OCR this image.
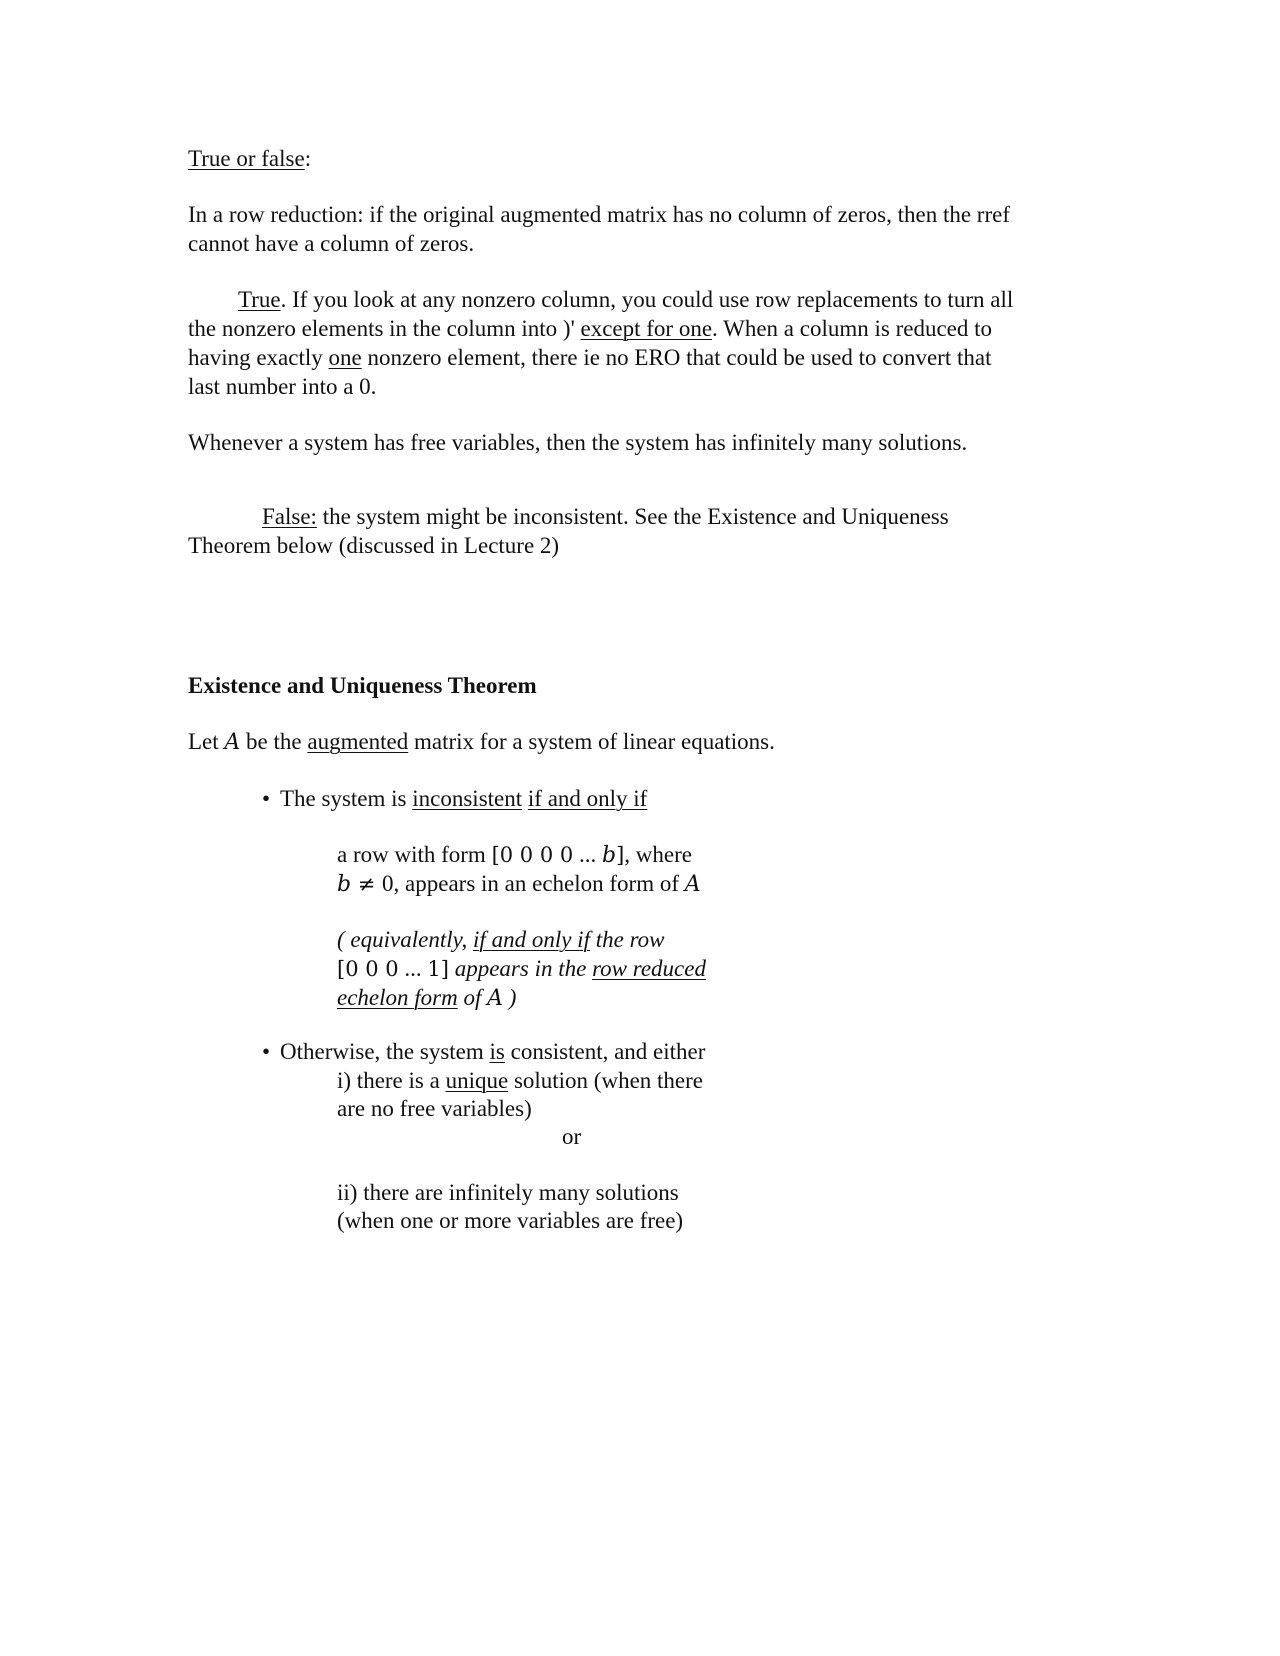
True or false:
In a row reduction: if the original augmented matrix has no column of zeros, then the rref
cannot have a column of zeros.
True. If you look at any nonzero column, you could use row replacements to turn all
the nonzero elements in the column into )' except for one. When a column is reduced to
having exactly one nonzero element, there ie no ERO that could be used to convert that
last number into a 0.
Whenever a system has free variables, then the system has infinitely many solutions.
False: the system might be inconsistent. See the Existence and Uniqueness
Theorem below (discussed in Lecture 2)
Existence and Uniqueness Theorem
Let A be the augmented matrix for a system of linear equations.
• The system is inconsistent if and only if
a row with form [0 0 0 0 ... b], where
b ≠ 0, appears in an echelon form of A
( equivalently, if and only if the row
[0 0 0 ... 1] appears in the row reduced
echelon form of A )
• Otherwise, the system is consistent, and either
i) there is a unique solution (when there
are no free variables)
or
ii) there are infinitely many solutions
(when one or more variables are free)
